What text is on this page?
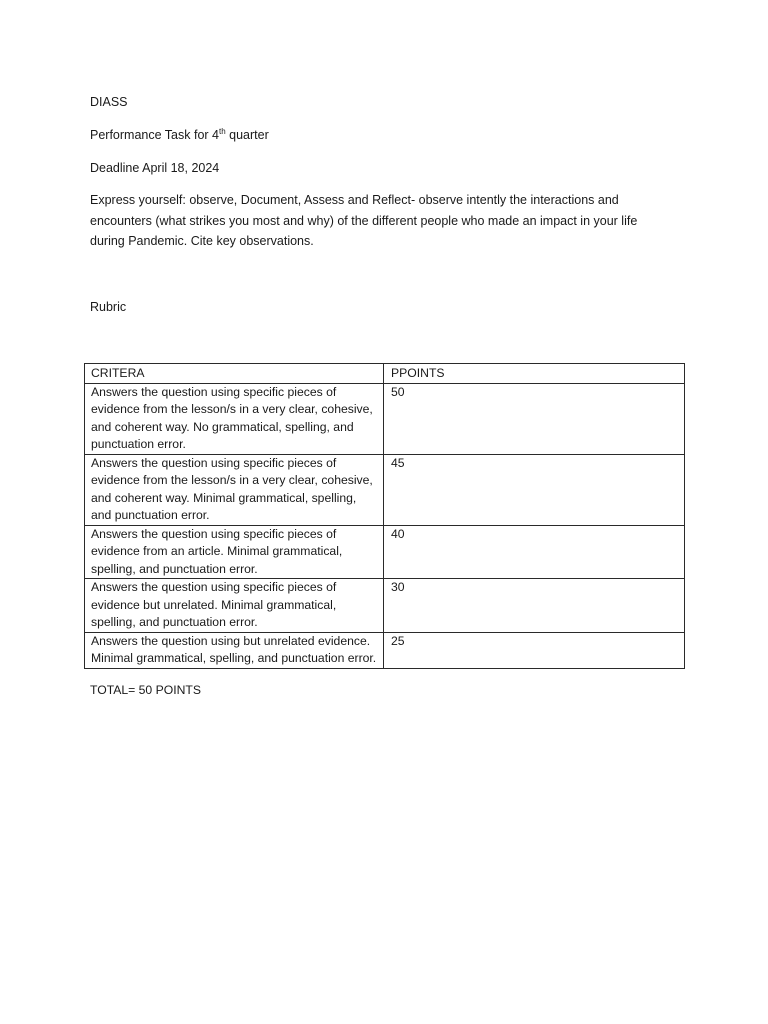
DIASS
Performance Task for 4th quarter
Deadline April 18, 2024
Express yourself: observe, Document, Assess and Reflect- observe intently the interactions and encounters (what strikes you most and why) of the different people who made an impact in your life during Pandemic. Cite key observations.
Rubric
CRITERA	PPOINTS
Answers the question using specific pieces of evidence from the lesson/s in a very clear, cohesive, and coherent way. No grammatical, spelling, and punctuation error.	50
Answers the question using specific pieces of evidence from the lesson/s in a very clear, cohesive, and coherent way. Minimal grammatical, spelling, and punctuation error.	45
Answers the question using specific pieces of evidence from an article. Minimal grammatical, spelling, and punctuation error.	40
Answers the question using specific pieces of evidence but unrelated. Minimal grammatical, spelling, and punctuation error.	30
Answers the question using but unrelated evidence. Minimal grammatical, spelling, and punctuation error.	25
TOTAL= 50 POINTS
